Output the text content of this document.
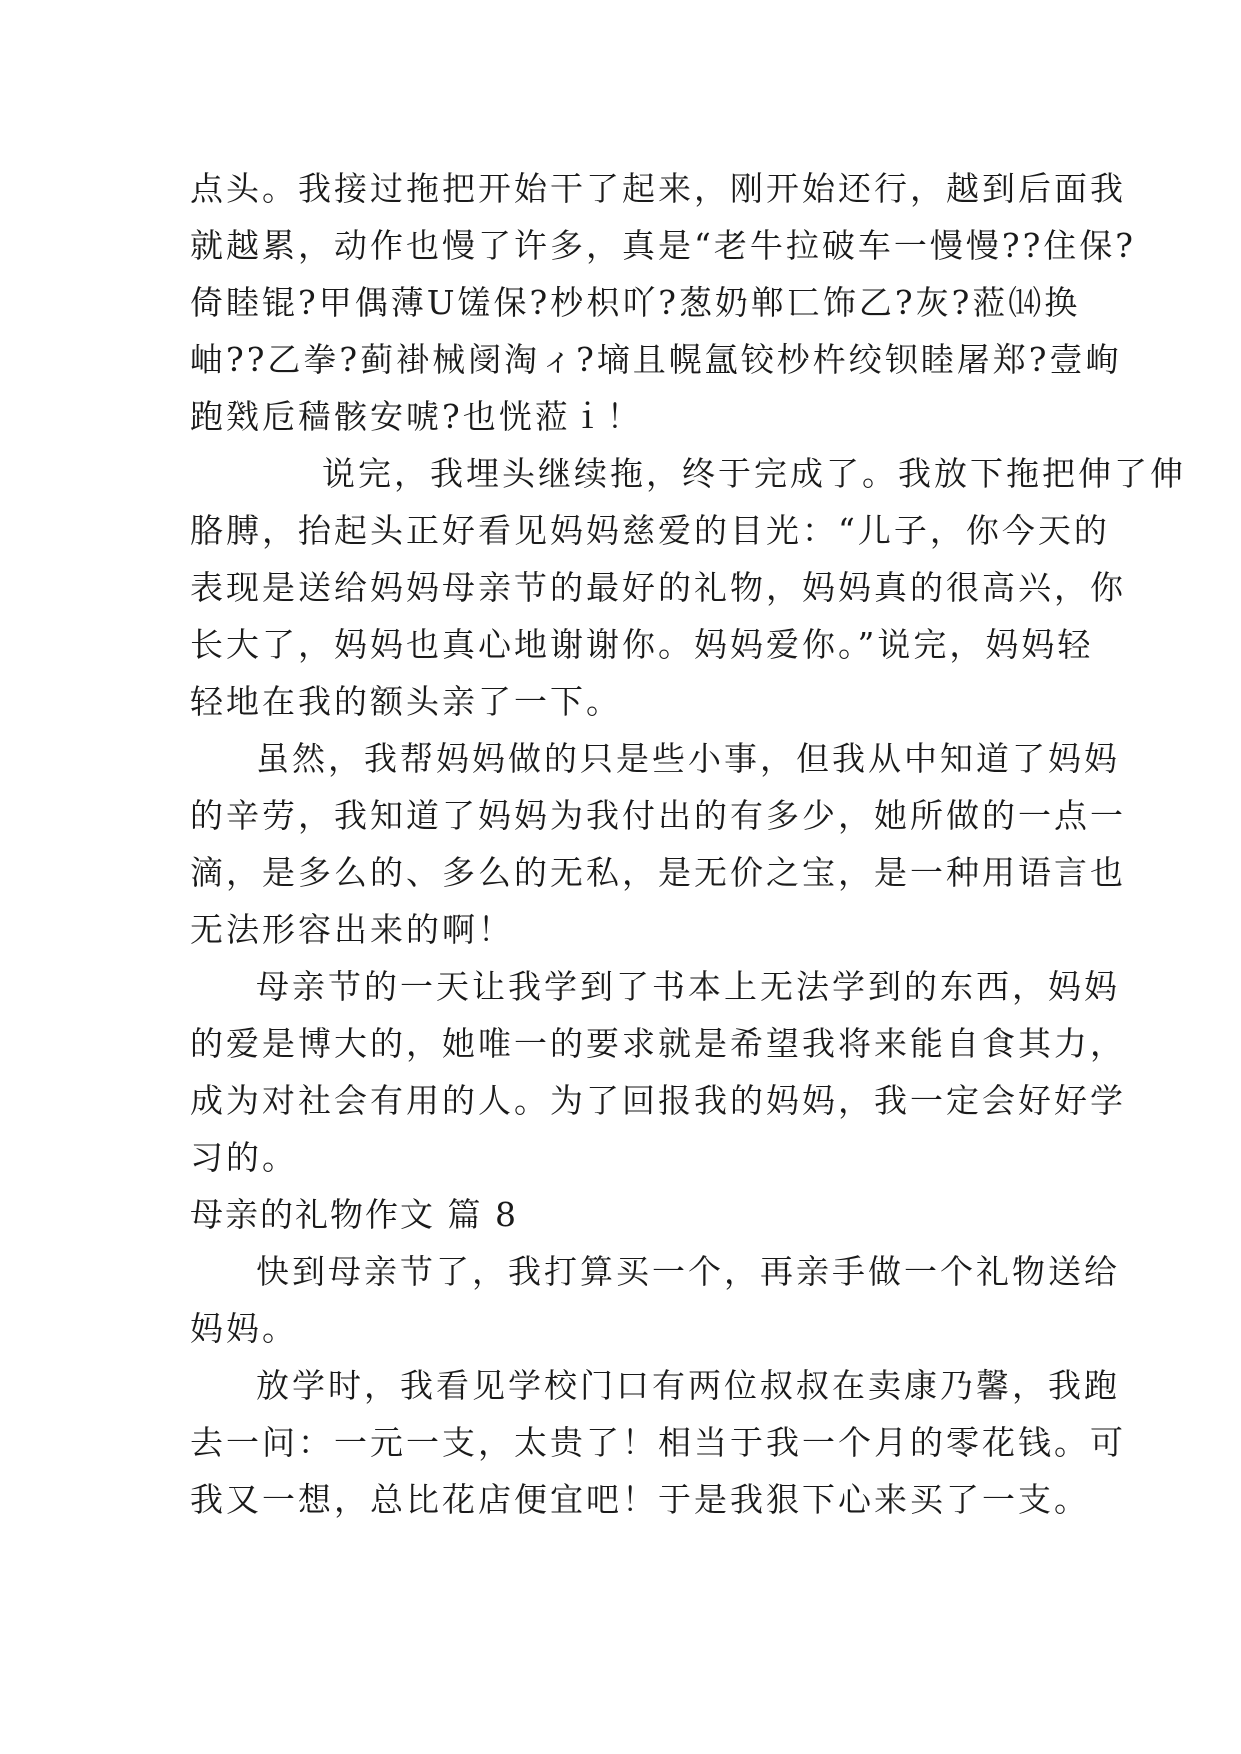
点头。我接过拖把开始干了起来，刚开始还行，越到后面我
就越累，动作也慢了许多，真是“老牛拉破车一慢慢??住保?
倚睦锟?甲偶薄U馐保?杪枳吖?葱奶郸匸饰乙?灰?蒞⒁换
岫??乙拳?蓟褂械阌淘ィ?墒且幌氲铰杪杵绞钡睦屠郑?壹峋
跑戣卮穑骸安唬?也恍蒞ｉ！
说完，我埋头继续拖，终于完成了。我放下拖把伸了伸
胳膊，抬起头正好看见妈妈慈爱的目光：“儿子，你今天的
表现是送给妈妈母亲节的最好的礼物，妈妈真的很高兴，你
长大了，妈妈也真心地谢谢你。妈妈爱你。”说完，妈妈轻
轻地在我的额头亲了一下。
虽然，我帮妈妈做的只是些小事，但我从中知道了妈妈
的辛劳，我知道了妈妈为我付出的有多少，她所做的一点一
滴，是多么的、多么的无私，是无价之宝，是一种用语言也
无法形容出来的啊！
母亲节的一天让我学到了书本上无法学到的东西，妈妈
的爱是博大的，她唯一的要求就是希望我将来能自食其力，
成为对社会有用的人。为了回报我的妈妈，我一定会好好学
习的。
母亲的礼物作文 篇 8
快到母亲节了，我打算买一个，再亲手做一个礼物送给
妈妈。
放学时，我看见学校门口有两位叔叔在卖康乃馨，我跑
去一问：一元一支，太贵了！相当于我一个月的零花钱。可
我又一想，总比花店便宜吧！于是我狠下心来买了一支。
